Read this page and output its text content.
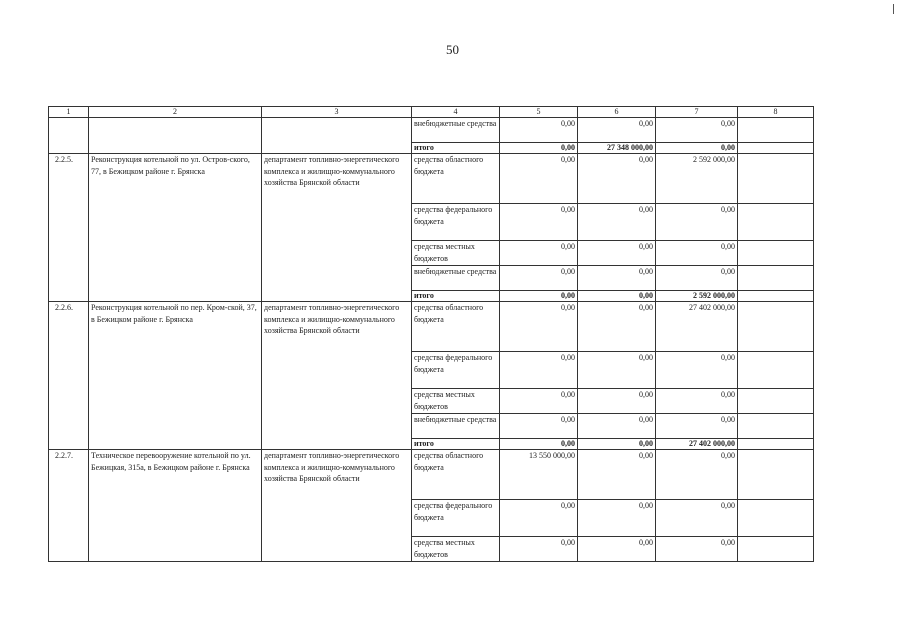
50
1	2	3	4	5	6	7	8
			внебюджетные средства	0,00	0,00	0,00	
			итого	0,00	27 348 000,00	0,00	
2.2.5.	Реконструкция котельной по ул. Остров-ского, 77, в Бежицком районе г. Брянска	департамент топливно-энергетического комплекса и жилищно-коммунального хозяйства Брянской области	средства областного бюджета	0,00	0,00	2 592 000,00	
			средства федерального бюджета	0,00	0,00	0,00	
			средства местных бюджетов	0,00	0,00	0,00	
			внебюджетные средства	0,00	0,00	0,00	
			итого	0,00	0,00	2 592 000,00	
2.2.6.	Реконструкция котельной по пер. Кром-ской, 37, в Бежицком районе г. Брянска	департамент топливно-энергетического комплекса и жилищно-коммунального хозяйства Брянской области	средства областного бюджета	0,00	0,00	27 402 000,00	
			средства федерального бюджета	0,00	0,00	0,00	
			средства местных бюджетов	0,00	0,00	0,00	
			внебюджетные средства	0,00	0,00	0,00	
			итого	0,00	0,00	27 402 000,00	
2.2.7.	Техническое перевооружение котельной по ул. Бежицкая, 315а, в Бежицком районе г. Брянска	департамент топливно-энергетического комплекса и жилищно-коммунального хозяйства Брянской области	средства областного бюджета	13 550 000,00	0,00	0,00	
			средства федерального бюджета	0,00	0,00	0,00	
			средства местных бюджетов	0,00	0,00	0,00	
